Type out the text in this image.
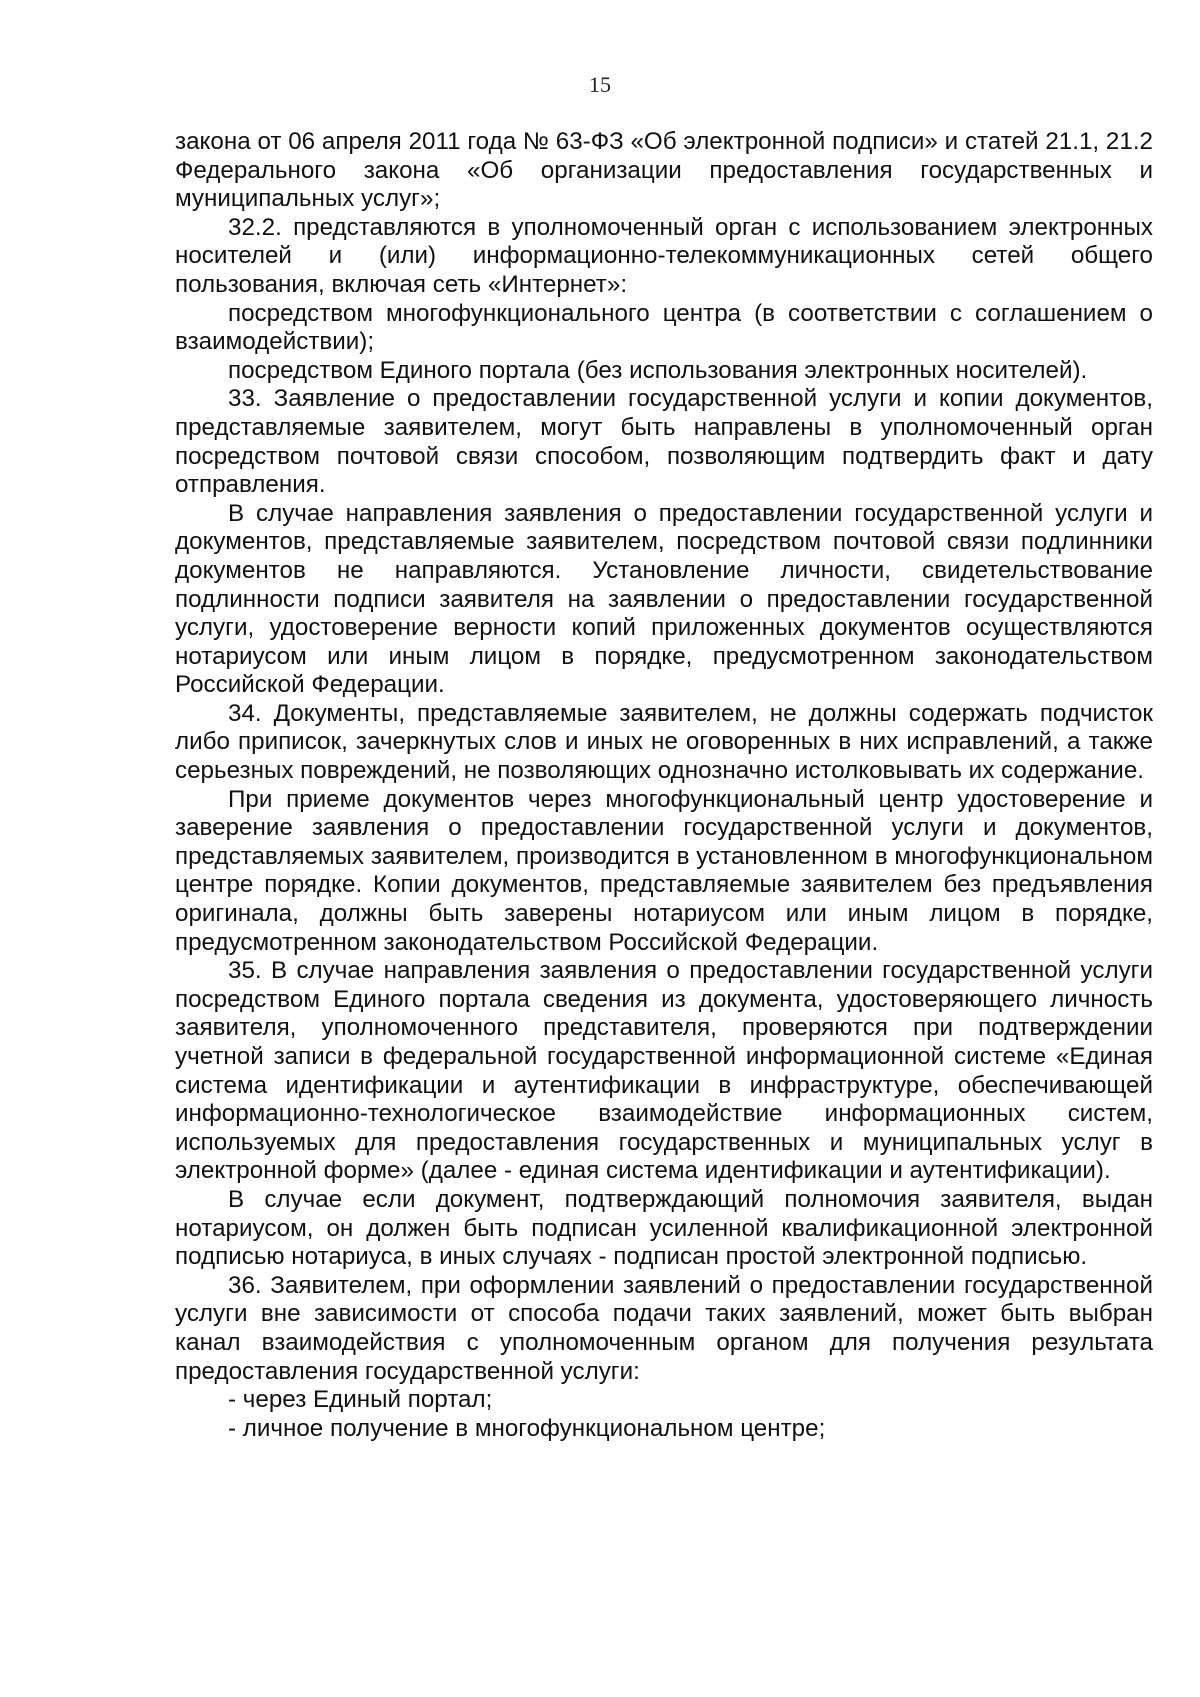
15

закона от 06 апреля 2011 года № 63-ФЗ «Об электронной подписи» и статей 21.1, 21.2 Федерального закона «Об организации предоставления государственных и муниципальных услуг»;

32.2. представляются в уполномоченный орган с использованием электронных носителей и (или) информационно-телекоммуникационных сетей общего пользования, включая сеть «Интернет»:

посредством многофункционального центра (в соответствии с соглашением о взаимодействии);

посредством Единого портала (без использования электронных носителей).

33. Заявление о предоставлении государственной услуги и копии документов, представляемые заявителем, могут быть направлены в уполномоченный орган посредством почтовой связи способом, позволяющим подтвердить факт и дату отправления.

В случае направления заявления о предоставлении государственной услуги и документов, представляемые заявителем, посредством почтовой связи подлинники документов не направляются. Установление личности, свидетельствование подлинности подписи заявителя на заявлении о предоставлении государственной услуги, удостоверение верности копий приложенных документов осуществляются нотариусом или иным лицом в порядке, предусмотренном законодательством Российской Федерации.

34. Документы, представляемые заявителем, не должны содержать подчисток либо приписок, зачеркнутых слов и иных не оговоренных в них исправлений, а также серьезных повреждений, не позволяющих однозначно истолковывать их содержание.

При приеме документов через многофункциональный центр удостоверение и заверение заявления о предоставлении государственной услуги и документов, представляемых заявителем, производится в установленном в многофункциональном центре порядке. Копии документов, представляемые заявителем без предъявления оригинала, должны быть заверены нотариусом или иным лицом в порядке, предусмотренном законодательством Российской Федерации.

35. В случае направления заявления о предоставлении государственной услуги посредством Единого портала сведения из документа, удостоверяющего личность заявителя, уполномоченного представителя, проверяются при подтверждении учетной записи в федеральной государственной информационной системе «Единая система идентификации и аутентификации в инфраструктуре, обеспечивающей информационно-технологическое взаимодействие информационных систем, используемых для предоставления государственных и муниципальных услуг в электронной форме» (далее - единая система идентификации и аутентификации).

В случае если документ, подтверждающий полномочия заявителя, выдан нотариусом, он должен быть подписан усиленной квалификационной электронной подписью нотариуса, в иных случаях - подписан простой электронной подписью.

36. Заявителем, при оформлении заявлений о предоставлении государственной услуги вне зависимости от способа подачи таких заявлений, может быть выбран канал взаимодействия с уполномоченным органом для получения результата предоставления государственной услуги:

- через Единый портал;

- личное получение в многофункциональном центре;
